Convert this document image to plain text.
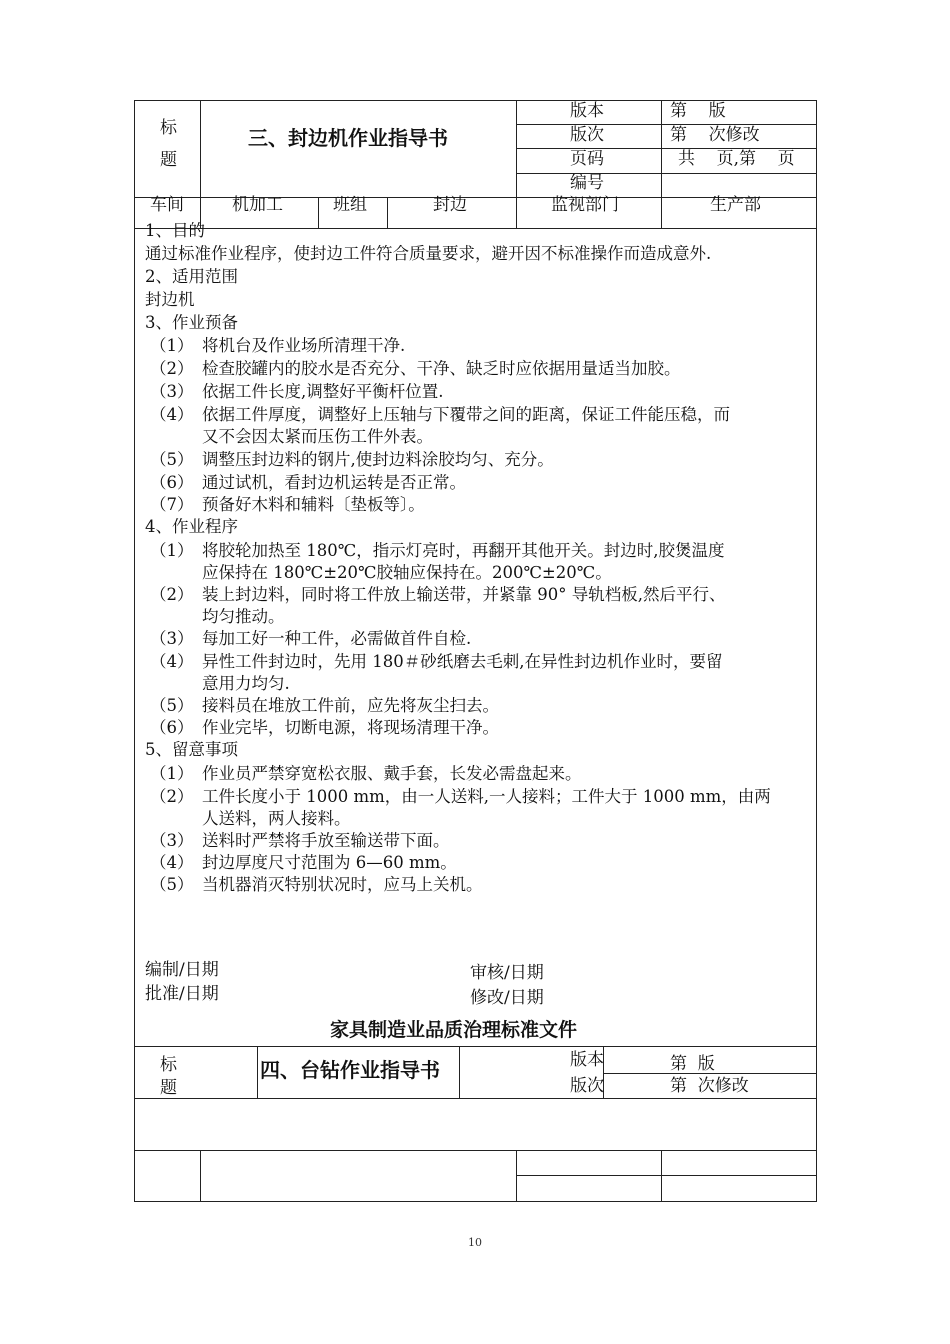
标
题
三、封边机作业指导书
版本	第    版
版次	第    次修改
页码	共    页,第    页
编号
车间	机加工	班组	封边	监视部门	生产部
1、目的
通过标准作业程序，使封边工件符合质量要求，避开因不标准操作而造成意外.
2、适用范围
封边机
3、作业预备
（1） 将机台及作业场所清理干净.
（2） 检查胶罐内的胶水是否充分、干净、缺乏时应依据用量适当加胶。
（3） 依据工件长度,调整好平衡杆位置.
（4） 依据工件厚度，调整好上压轴与下覆带之间的距离，保证工件能压稳，而
又不会因太紧而压伤工件外表。
（5） 调整压封边料的钢片,使封边料涂胶均匀、充分。
（6） 通过试机，看封边机运转是否正常。
（7） 预备好木料和辅料〔垫板等〕。
4、作业程序
（1） 将胶轮加热至 180℃，指示灯亮时，再翻开其他开关。封边时,胶煲温度
应保持在 180℃±20℃胶轴应保持在。200℃±20℃。
（2） 装上封边料，同时将工件放上输送带，并紧靠 90° 导轨档板,然后平行、
均匀推动。
（3） 每加工好一种工件，必需做首件自检.
（4） 异性工件封边时，先用 180＃砂纸磨去毛刺,在异性封边机作业时，要留
意用力均匀.
（5） 接料员在堆放工件前，应先将灰尘扫去。
（6） 作业完毕，切断电源，将现场清理干净。
5、留意事项
（1） 作业员严禁穿宽松衣服、戴手套，长发必需盘起来。
（2） 工件长度小于 1000 mm，由一人送料,一人接料；工件大于 1000 mm，由两
人送料，两人接料。
（3） 送料时严禁将手放至输送带下面。
（4） 封边厚度尺寸范围为 6—60 mm。
（5） 当机器消灭特别状况时，应马上关机。
编制/日期	审核/日期
批准/日期	修改/日期
家具制造业品质治理标准文件
标
题
四、台钻作业指导书	版本	第  版
版次	第  次修改
10
